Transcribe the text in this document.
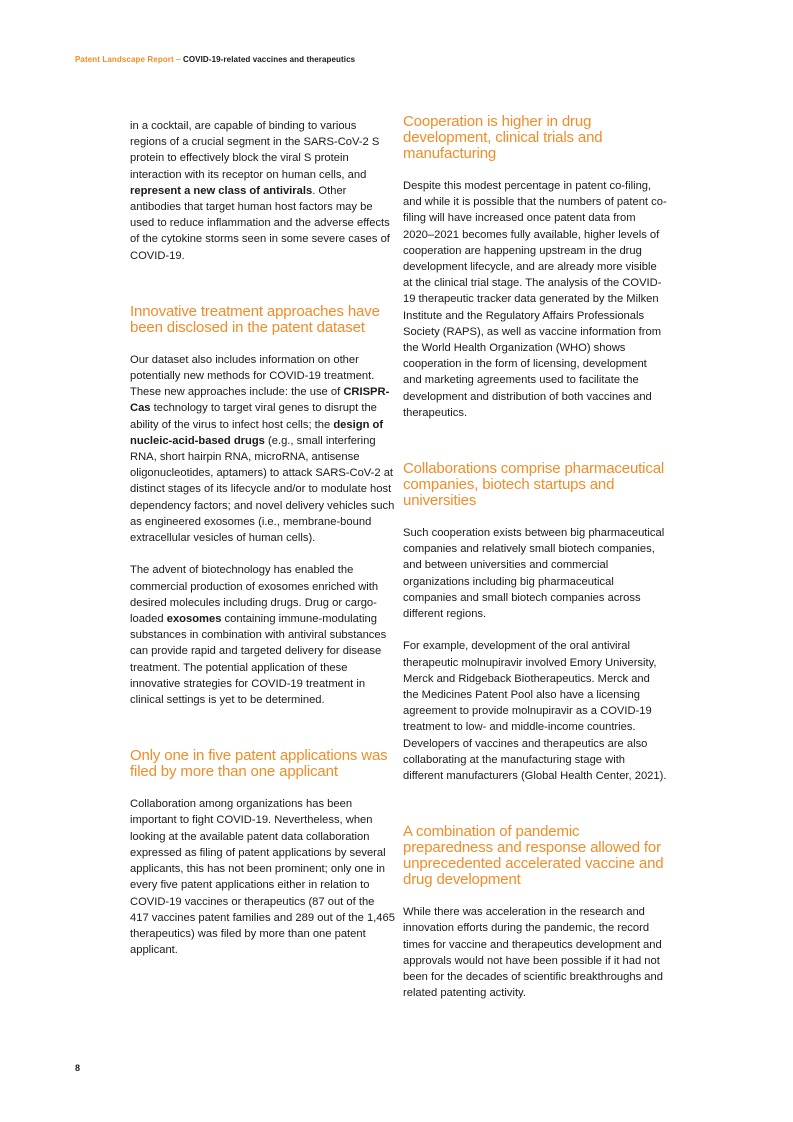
Patent Landscape Report – COVID-19-related vaccines and therapeutics

in a cocktail, are capable of binding to various regions of a crucial segment in the SARS-CoV-2 S protein to effectively block the viral S protein interaction with its receptor on human cells, and represent a new class of antivirals. Other antibodies that target human host factors may be used to reduce inflammation and the adverse effects of the cytokine storms seen in some severe cases of COVID-19.

Innovative treatment approaches have been disclosed in the patent dataset

Our dataset also includes information on other potentially new methods for COVID-19 treatment. These new approaches include: the use of CRISPR-Cas technology to target viral genes to disrupt the ability of the virus to infect host cells; the design of nucleic-acid-based drugs (e.g., small interfering RNA, short hairpin RNA, microRNA, antisense oligonucleotides, aptamers) to attack SARS-CoV-2 at distinct stages of its lifecycle and/or to modulate host dependency factors; and novel delivery vehicles such as engineered exosomes (i.e., membrane-bound extracellular vesicles of human cells).

The advent of biotechnology has enabled the commercial production of exosomes enriched with desired molecules including drugs. Drug or cargo-loaded exosomes containing immune-modulating substances in combination with antiviral substances can provide rapid and targeted delivery for disease treatment. The potential application of these innovative strategies for COVID-19 treatment in clinical settings is yet to be determined.

Only one in five patent applications was filed by more than one applicant

Collaboration among organizations has been important to fight COVID-19. Nevertheless, when looking at the available patent data collaboration expressed as filing of patent applications by several applicants, this has not been prominent; only one in every five patent applications either in relation to COVID-19 vaccines or therapeutics (87 out of the 417 vaccines patent families and 289 out of the 1,465 therapeutics) was filed by more than one patent applicant.

Cooperation is higher in drug development, clinical trials and manufacturing

Despite this modest percentage in patent co-filing, and while it is possible that the numbers of patent co-filing will have increased once patent data from 2020–2021 becomes fully available, higher levels of cooperation are happening upstream in the drug development lifecycle, and are already more visible at the clinical trial stage. The analysis of the COVID-19 therapeutic tracker data generated by the Milken Institute and the Regulatory Affairs Professionals Society (RAPS), as well as vaccine information from the World Health Organization (WHO) shows cooperation in the form of licensing, development and marketing agreements used to facilitate the development and distribution of both vaccines and therapeutics.

Collaborations comprise pharmaceutical companies, biotech startups and universities

Such cooperation exists between big pharmaceutical companies and relatively small biotech companies, and between universities and commercial organizations including big pharmaceutical companies and small biotech companies across different regions.

For example, development of the oral antiviral therapeutic molnupiravir involved Emory University, Merck and Ridgeback Biotherapeutics. Merck and the Medicines Patent Pool also have a licensing agreement to provide molnupiravir as a COVID-19 treatment to low- and middle-income countries. Developers of vaccines and therapeutics are also collaborating at the manufacturing stage with different manufacturers (Global Health Center, 2021).

A combination of pandemic preparedness and response allowed for unprecedented accelerated vaccine and drug development

While there was acceleration in the research and innovation efforts during the pandemic, the record times for vaccine and therapeutics development and approvals would not have been possible if it had not been for the decades of scientific breakthroughs and related patenting activity.

8
